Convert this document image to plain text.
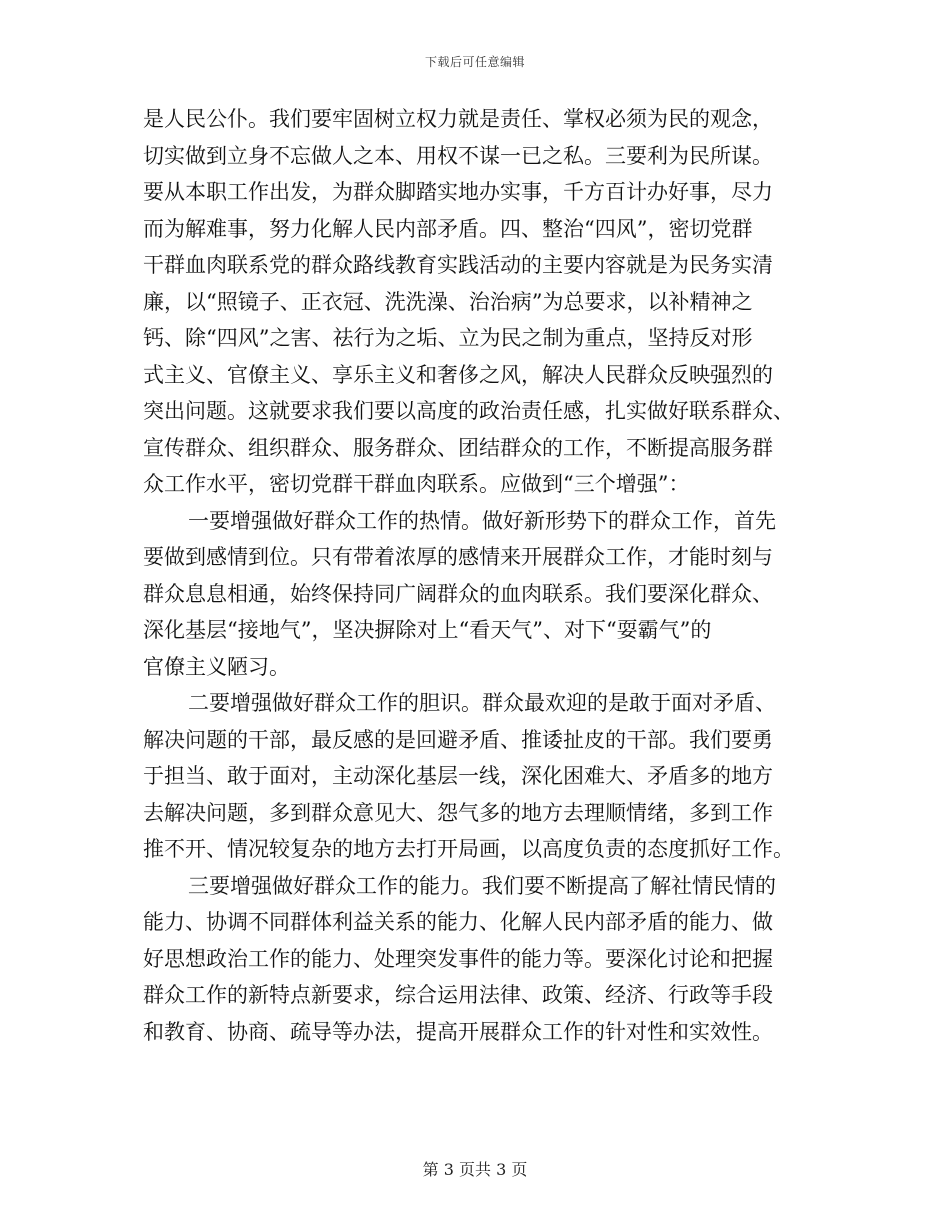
下载后可任意编辑
是人民公仆。我们要牢固树立权力就是责任、掌权必须为民的观念，
切实做到立身不忘做人之本、用权不谋一已之私。三要利为民所谋。
要从本职工作出发，为群众脚踏实地办实事，千方百计办好事，尽力
而为解难事，努力化解人民内部矛盾。四、整治“四风”，密切党群
干群血肉联系党的群众路线教育实践活动的主要内容就是为民务实清
廉，以“照镜子、正衣冠、洗洗澡、治治病”为总要求，以补精神之
钙、除“四风”之害、祛行为之垢、立为民之制为重点，坚持反对形
式主义、官僚主义、享乐主义和奢侈之风，解决人民群众反映强烈的
突出问题。这就要求我们要以高度的政治责任感，扎实做好联系群众、
宣传群众、组织群众、服务群众、团结群众的工作，不断提高服务群
众工作水平，密切党群干群血肉联系。应做到“三个增强”：
一要增强做好群众工作的热情。做好新形势下的群众工作，首先
要做到感情到位。只有带着浓厚的感情来开展群众工作，才能时刻与
群众息息相通，始终保持同广阔群众的血肉联系。我们要深化群众、
深化基层“接地气”，坚决摒除对上“看天气”、对下“耍霸气”的
官僚主义陋习。
二要增强做好群众工作的胆识。群众最欢迎的是敢于面对矛盾、
解决问题的干部，最反感的是回避矛盾、推诿扯皮的干部。我们要勇
于担当、敢于面对，主动深化基层一线，深化困难大、矛盾多的地方
去解决问题，多到群众意见大、怨气多的地方去理顺情绪，多到工作
推不开、情况较复杂的地方去打开局画，以高度负责的态度抓好工作。
三要增强做好群众工作的能力。我们要不断提高了解社情民情的
能力、协调不同群体利益关系的能力、化解人民内部矛盾的能力、做
好思想政治工作的能力、处理突发事件的能力等。要深化讨论和把握
群众工作的新特点新要求，综合运用法律、政策、经济、行政等手段
和教育、协商、疏导等办法，提高开展群众工作的针对性和实效性。
第 3 页共 3 页
